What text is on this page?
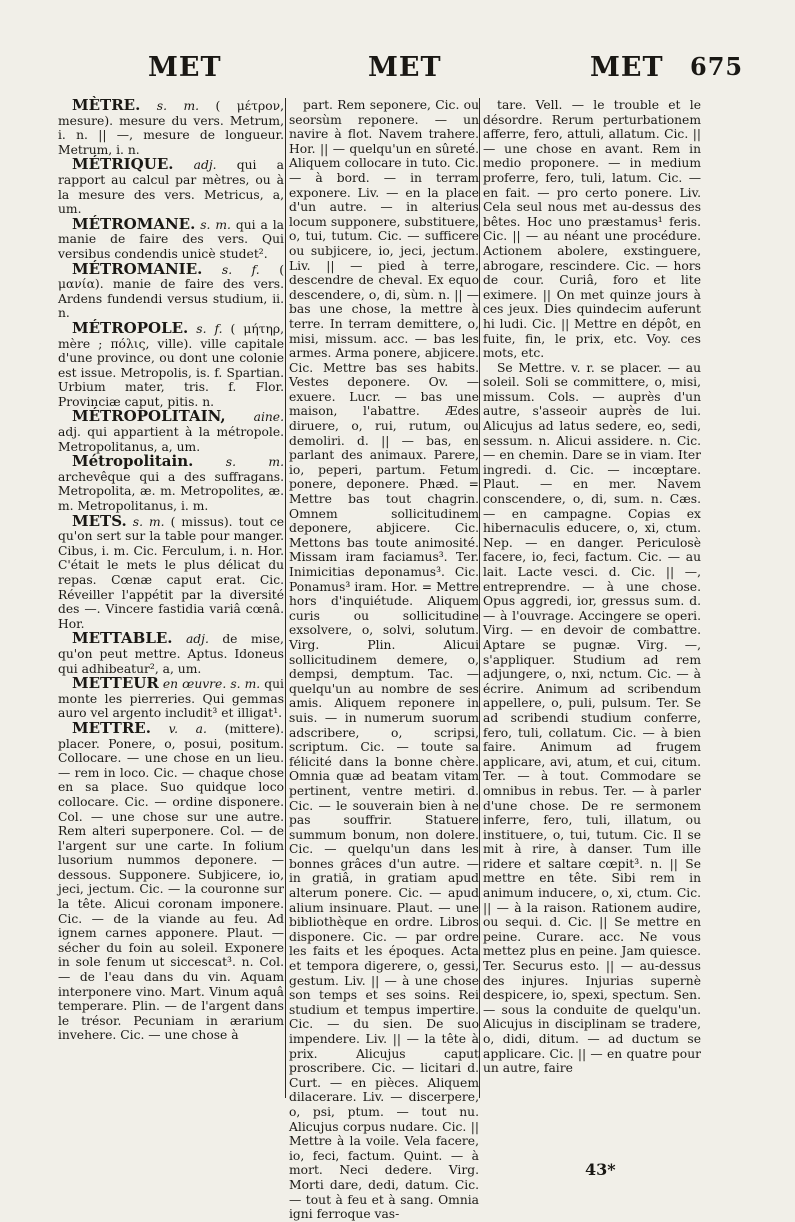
MET	MET	MET 675

MÈTRE. s. m. ( μέτρον, mesure). mesure du vers. Metrum, i. n. || —, mesure de longueur. Metrum, i. n.

MÉTRIQUE. adj. qui a rapport au calcul par mètres, ou à la mesure des vers. Metricus, a, um.

MÉTROMANE. s. m. qui a la manie de faire des vers. Qui versibus condendis unicè studet².

MÉTROMANIE. s. f. ( μανία). manie de faire des vers. Ardens fundendi versus studium, ii. n.

MÉTROPOLE. s. f. ( μήτηρ, mère ; πόλις, ville). ville capitale d'une province, ou dont une colonie est issue. Metropolis, is. f. Spartian. Urbium mater, tris. f. Flor. Provinciæ caput, pitis. n.

MÉTROPOLITAIN, aine. adj. qui appartient à la métropole. Metropolitanus, a, um.

Métropolitain.	s. m. archevêque qui a des suffragans. Metropolita, æ. m. Metropolites, æ. m. Metropolitanus, i. m.

METS. s. m. ( missus). tout ce qu'on sert sur la table pour manger. Cibus, i. m. Cic. Ferculum, i. n. Hor. C'était le mets le plus délicat du repas. Cœnæ caput erat. Cic. Réveiller l'appétit par la diversité des —. Vincere fastidia variâ cœnâ. Hor.

METTABLE. adj. de mise, qu'on peut mettre. Aptus. Idoneus qui adhibeatur², a, um.

METTEUR en œuvre. s. m. qui monte les pierreries. Qui gemmas auro vel argento includit³ et illigat¹.

METTRE. v. a. (mittere). placer. Ponere, o, posui, positum. Collocare. — une chose en un lieu. — rem in loco. Cic. — chaque chose en sa place. Suo quidque loco collocare. Cic. — ordine disponere. Col. — une chose sur une autre. Rem alteri superponere. Col. — de l'argent sur une carte. In folium lusorium nummos deponere. — dessous. Supponere. Subjicere, io, jeci, jectum. Cic. — la couronne sur la tête. Alicui coronam imponere. Cic. — de la viande au feu. Ad ignem carnes apponere. Plaut. — sécher du foin au soleil. Exponere in sole fenum ut siccescat³. n. Col. — de l'eau dans du vin. Aquam interponere vino. Mart. Vinum aquâ temperare. Plin. — de l'argent dans le trésor. Pecuniam in ærarium invehere. Cic. — une chose à

part. Rem seponere, Cic. ou seorsùm reponere. — un navire à flot. Navem trahere. Hor. || — quelqu'un en sûreté. Aliquem collocare in tuto. Cic. — à bord. — in terram exponere. Liv. — en la place d'un autre. — in alterius locum supponere, substituere, o, tui, tutum. Cic. — sufficere ou subjicere, io, jeci, jectum. Liv. || — pied à terre, descendre de cheval. Ex equo descendere, o, di, sùm. n. || — bas une chose, la mettre à terre. In terram demittere, o, misi, missum. acc. — bas les armes. Arma ponere, abjicere. Cic. Mettre bas ses habits. Vestes deponere. Ov. — exuere. Lucr. — bas une maison, l'abattre. Ædes diruere, o, rui, rutum, ou demoliri. d. || — bas, en parlant des animaux. Parere, io, peperi, partum. Fetum ponere, deponere. Phæd. = Mettre bas tout chagrin. Omnem sollicitudinem deponere, abjicere. Cic. Mettons bas toute animosité. Missam iram faciamus³. Ter. Inimicitias deponamus³. Cic. Ponamus³ iram. Hor. = Mettre hors d'inquiétude. Aliquem curis ou sollicitudine exsolvere, o, solvi, solutum. Virg. Plin. Alicui sollicitudinem demere, o, dempsi, demptum. Tac. — quelqu'un au nombre de ses amis. Aliquem reponere in suis. — in numerum suorum adscribere, o, scripsi, scriptum. Cic. — toute sa félicité dans la bonne chère. Omnia quæ ad beatam vitam pertinent, ventre metiri. d. Cic. — le souverain bien à ne pas souffrir. Statuere summum bonum, non dolere. Cic. — quelqu'un dans les bonnes grâces d'un autre. — in gratiâ, in gratiam apud alterum ponere. Cic. — apud alium insinuare. Plaut. — une bibliothèque en ordre. Libros disponere. Cic. — par ordre les faits et les époques. Acta et tempora digerere, o, gessi, gestum. Liv. || — à une chose son temps et ses soins. Rei studium et tempus impertire. Cic. — du sien. De suo impendere. Liv. || — la tête à prix. Alicujus caput proscribere. Cic. — licitari d. Curt. — en pièces. Aliquem dilacerare. Liv. — discerpere, o, psi, ptum. — tout nu. Alicujus corpus nudare. Cic. || Mettre à la voile. Vela facere, io, feci, factum. Quint. — à mort. Neci dedere. Virg. Morti dare, dedi, datum. Cic. — tout à feu et à sang. Omnia igni ferroque vas-

tare. Vell. — le trouble et le désordre. Rerum perturbationem afferre, fero, attuli, allatum. Cic. || — une chose en avant. Rem in medio proponere. — in medium proferre, fero, tuli, latum. Cic. — en fait. — pro certo ponere. Liv. Cela seul nous met au-dessus des bêtes. Hoc uno præstamus¹ feris. Cic. || — au néant une procédure. Actionem abolere, exstinguere, abrogare, rescindere. Cic. — hors de cour. Curiâ, foro et lite eximere. || On met quinze jours à ces jeux. Dies quindecim auferunt hi ludi. Cic. || Mettre en dépôt, en fuite, fin, le prix, etc. Voy. ces mots, etc.

Se Mettre. v. r. se placer. — au soleil. Soli se committere, o, misi, missum. Cols. — auprès d'un autre, s'asseoir auprès de lui. Alicujus ad latus sedere, eo, sedi, sessum. n. Alicui assidere. n. Cic. — en chemin. Dare se in viam. Iter ingredi. d. Cic. — incœptare. Plaut. — en mer. Navem conscendere, o, di, sum. n. Cæs. — en campagne. Copias ex hibernaculis educere, o, xi, ctum. Nep. — en danger. Periculosè facere, io, feci, factum. Cic. — au lait. Lacte vesci. d. Cic. || —, entreprendre. — à une chose. Opus aggredi, ior, gressus sum. d. — à l'ouvrage. Accingere se operi. Virg. — en devoir de combattre. Aptare se pugnæ. Virg. —, s'appliquer. Studium ad rem adjungere, o, nxi, nctum. Cic. — à écrire. Animum ad scribendum appellere, o, puli, pulsum. Ter. Se ad scribendi studium conferre, fero, tuli, collatum. Cic. — à bien faire. Animum ad frugem applicare, avi, atum, et cui, citum. Ter. — à tout. Commodare se omnibus in rebus. Ter. — à parler d'une chose. De re sermonem inferre, fero, tuli, illatum, ou instituere, o, tui, tutum. Cic. Il se mit à rire, à danser. Tum ille ridere et saltare cœpit³. n. || Se mettre en tête. Sibi rem in animum inducere, o, xi, ctum. Cic. || — à la raison. Rationem audire, ou sequi. d. Cic. || Se mettre en peine. Curare. acc. Ne vous mettez plus en peine. Jam quiesce. Ter. Securus esto. || — au-dessus des injures. Injurias supernè despicere, io, spexi, spectum. Sen. — sous la conduite de quelqu'un. Alicujus in disciplinam se tradere, o, didi, ditum. — ad ductum se applicare. Cic. || — en quatre pour un autre, faire

43*
